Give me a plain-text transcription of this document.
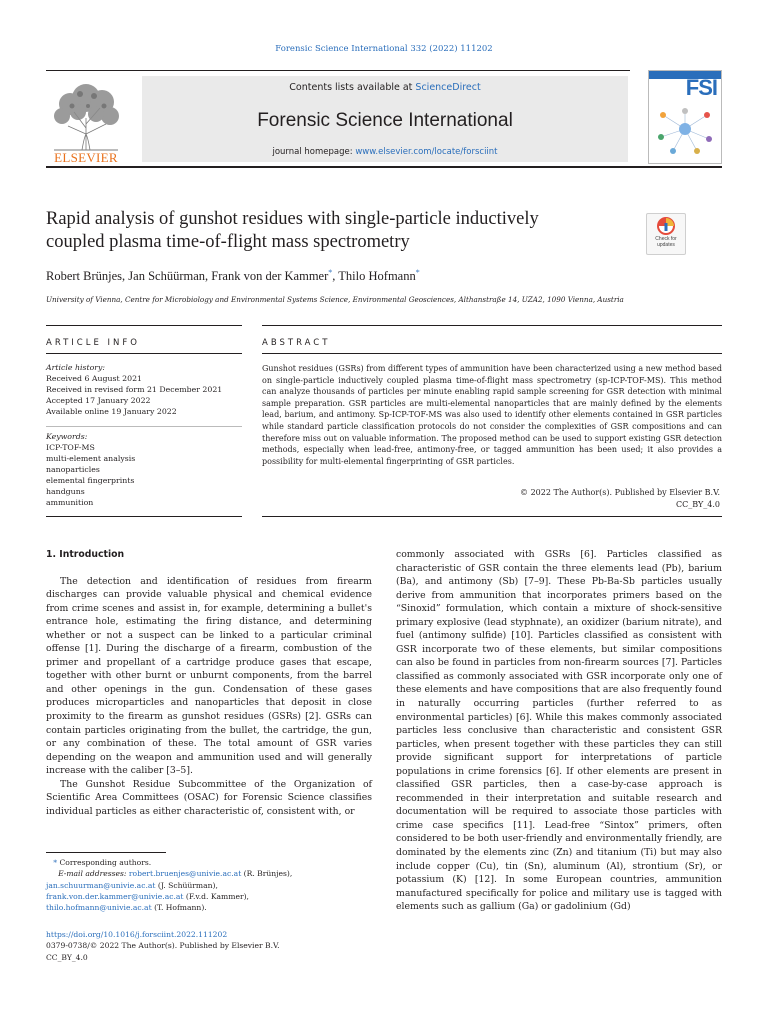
Forensic Science International 332 (2022) 111202
ELSEVIER
Contents lists available at ScienceDirect
Forensic Science International
journal homepage: www.elsevier.com/locate/forsciint
FSI
Rapid analysis of gunshot residues with single-particle inductively
coupled plasma time-of-flight mass spectrometry	Check for updates
Robert Brünjes, Jan Schüürman, Frank von der Kammer*, Thilo Hofmann*
University of Vienna, Centre for Microbiology and Environmental Systems Science, Environmental Geosciences, Althanstraße 14, UZA2, 1090 Vienna, Austria
ARTICLE INFO	ABSTRACT
Article history:
Received 6 August 2021
Received in revised form 21 December 2021
Accepted 17 January 2022
Available online 19 January 2022
Keywords:
ICP-TOF-MS
multi-element analysis
nanoparticles
elemental fingerprints
handguns
ammunition
Gunshot residues (GSRs) from different types of ammunition have been characterized using a new method based on single-particle inductively coupled plasma time-of-flight mass spectrometry (sp-ICP-TOF-MS). This method can analyze thousands of particles per minute enabling rapid sample screening for GSR detection with minimal sample preparation. GSR particles are multi-elemental nanoparticles that are mainly defined by the elements lead, barium, and antimony. Sp-ICP-TOF-MS was also used to identify other elements contained in GSR particles while standard particle classification protocols do not consider the complexities of GSR compositions and can therefore miss out on valuable information. The proposed method can be used to support existing GSR detection methods, especially when lead-free, antimony-free, or tagged ammunition has been used; it also provides a possibility for multi-elemental fingerprinting of GSR particles.
© 2022 The Author(s). Published by Elsevier B.V.
CC_BY_4.0
1. Introduction

The detection and identification of residues from firearm discharges can provide valuable physical and chemical evidence from crime scenes and assist in, for example, determining a bullet's entrance hole, estimating the firing distance, and determining whether or not a suspect can be linked to a particular criminal offense [1]. During the discharge of a firearm, combustion of the primer and propellant of a cartridge produce gases that escape, together with other burnt or unburnt components, from the barrel and other openings in the gun. Condensation of these gases produces microparticles and nanoparticles that deposit in close proximity to the firearm as gunshot residues (GSRs) [2]. GSRs can contain particles originating from the bullet, the cartridge, the gun, or any combination of these. The total amount of GSR varies depending on the weapon and ammunition used and will generally increase with the caliber [3–5].

The Gunshot Residue Subcommittee of the Organization of Scientific Area Committees (OSAC) for Forensic Science classifies individual particles as either characteristic of, consistent with, or

commonly associated with GSRs [6]. Particles classified as characteristic of GSR contain the three elements lead (Pb), barium (Ba), and antimony (Sb) [7–9]. These Pb-Ba-Sb particles usually derive from ammunition that incorporates primers based on the “Sinoxid” formulation, which contain a mixture of shock-sensitive primary explosive (lead styphnate), an oxidizer (barium nitrate), and fuel (antimony sulfide) [10]. Particles classified as consistent with GSR incorporate two of these elements, but similar compositions can also be found in particles from non-firearm sources [7]. Particles classified as commonly associated with GSR incorporate only one of these elements and have compositions that are also frequently found in naturally occurring particles (further referred to as environmental particles) [6]. While this makes commonly associated particles less conclusive than characteristic and consistent GSR particles, when present together with these particles they can still provide significant support for interpretations of particle populations in crime forensics [6]. If other elements are present in classified GSR particles, then a case-by-case approach is recommended in their interpretation and suitable research and documentation will be required to associate those particles with crime case specifics [11]. Lead-free “Sintox” primers, often considered to be both user-friendly and environmentally friendly, are dominated by the elements zinc (Zn) and titanium (Ti) but may also include copper (Cu), tin (Sn), aluminum (Al), strontium (Sr), or potassium (K) [12]. In some European countries, ammunition manufactured specifically for police and military use is tagged with elements such as gallium (Ga) or gadolinium (Gd)

* Corresponding authors.
E-mail addresses: robert.bruenjes@univie.ac.at (R. Brünjes),
jan.schuurman@univie.ac.at (J. Schüürman),
frank.von.der.kammer@univie.ac.at (F.v.d. Kammer),
thilo.hofmann@univie.ac.at (T. Hofmann).
https://doi.org/10.1016/j.forsciint.2022.111202
0379-0738/© 2022 The Author(s). Published by Elsevier B.V.
CC_BY_4.0
